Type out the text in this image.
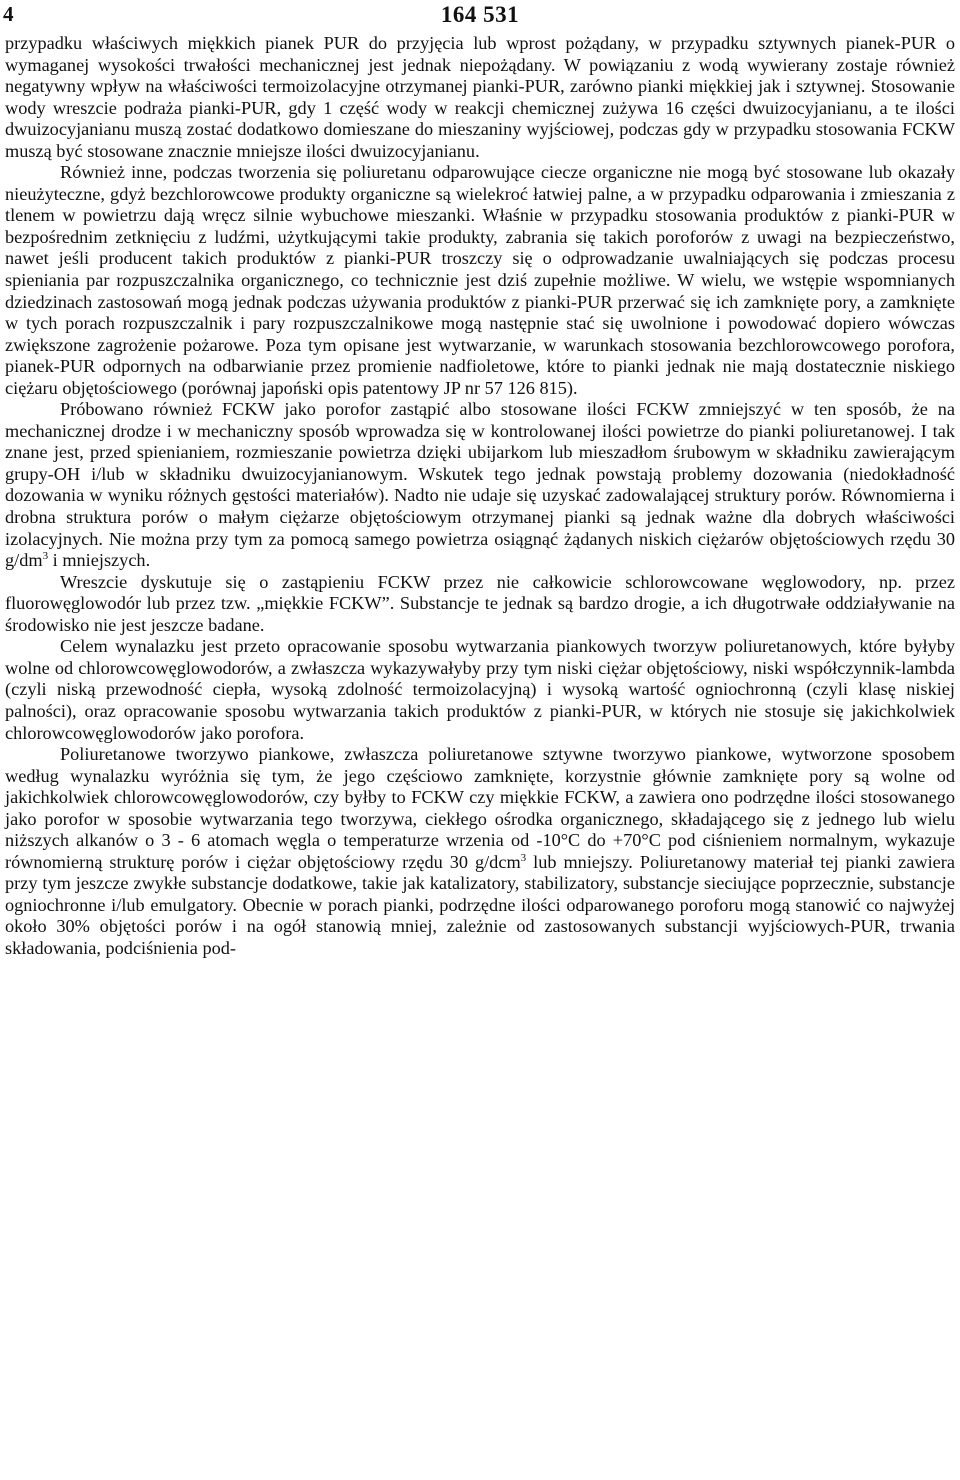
4	164 531

przypadku właściwych miękkich pianek PUR do przyjęcia lub wprost pożądany, w przypadku sztywnych pianek-PUR o wymaganej wysokości trwałości mechanicznej jest jednak niepożądany. W powiązaniu z wodą wywierany zostaje również negatywny wpływ na właściwości termoizolacyjne otrzymanej pianki-PUR, zarówno pianki miękkiej jak i sztywnej. Stosowanie wody wreszcie podraża pianki-PUR, gdy 1 część wody w reakcji chemicznej zużywa 16 części dwuizocyjanianu, a te ilości dwuizocyjanianu muszą zostać dodatkowo domieszane do mieszaniny wyjściowej, podczas gdy w przypadku stosowania FCKW muszą być stosowane znacznie mniejsze ilości dwuizocyjanianu.

Również inne, podczas tworzenia się poliuretanu odparowujące ciecze organiczne nie mogą być stosowane lub okazały nieużyteczne, gdyż bezchlorowcowe produkty organiczne są wielekroć łatwiej palne, a w przypadku odparowania i zmieszania z tlenem w powietrzu dają wręcz silnie wybuchowe mieszanki. Właśnie w przypadku stosowania produktów z pianki-PUR w bezpośrednim zetknięciu z ludźmi, użytkującymi takie produkty, zabrania się takich poroforów z uwagi na bezpieczeństwo, nawet jeśli producent takich produktów z pianki-PUR troszczy się o odprowadzanie uwalniających się podczas procesu spieniania par rozpuszczalnika organicznego, co technicznie jest dziś zupełnie możliwe. W wielu, we wstępie wspomnianych dziedzinach zastosowań mogą jednak podczas używania produktów z pianki-PUR przerwać się ich zamknięte pory, a zamknięte w tych porach rozpuszczalnik i pary rozpuszczalnikowe mogą następnie stać się uwolnione i powodować dopiero wówczas zwiększone zagrożenie pożarowe. Poza tym opisane jest wytwarzanie, w warunkach stosowania bezchlorowcowego porofora, pianek-PUR odpornych na odbarwianie przez promienie nadfioletowe, które to pianki jednak nie mają dostatecznie niskiego ciężaru objętościowego (porównaj japoński opis patentowy JP nr 57 126 815).

Próbowano również FCKW jako porofor zastąpić albo stosowane ilości FCKW zmniejszyć w ten sposób, że na mechanicznej drodze i w mechaniczny sposób wprowadza się w kontrolowanej ilości powietrze do pianki poliuretanowej. I tak znane jest, przed spienianiem, rozmieszanie powietrza dzięki ubijarkom lub mieszadłom śrubowym w składniku zawierającym grupy-OH i/lub w składniku dwuizocyjanianowym. Wskutek tego jednak powstają problemy dozowania (niedokładność dozowania w wyniku różnych gęstości materiałów). Nadto nie udaje się uzyskać zadowalającej struktury porów. Równomierna i drobna struktura porów o małym ciężarze objętościowym otrzymanej pianki są jednak ważne dla dobrych właściwości izolacyjnych. Nie można przy tym za pomocą samego powietrza osiągnąć żądanych niskich ciężarów objętościowych rzędu 30 $g/dm^3$ i mniejszych.

Wreszcie dyskutuje się o zastąpieniu FCKW przez nie całkowicie schlorowcowane węglowodory, np. przez fluorowęglowodór lub przez tzw. „miękkie FCKW”. Substancje te jednak są bardzo drogie, a ich długotrwałe oddziaływanie na środowisko nie jest jeszcze badane.

Celem wynalazku jest przeto opracowanie sposobu wytwarzania piankowych tworzyw poliuretanowych, które byłyby wolne od chlorowcowęglowodorów, a zwłaszcza wykazywałyby przy tym niski ciężar objętościowy, niski współczynnik-lambda (czyli niską przewodność ciepła, wysoką zdolność termoizolacyjną) i wysoką wartość ogniochronną (czyli klasę niskiej palności), oraz opracowanie sposobu wytwarzania takich produktów z pianki-PUR, w których nie stosuje się jakichkolwiek chlorowcowęglowodorów jako porofora.

Poliuretanowe tworzywo piankowe, zwłaszcza poliuretanowe sztywne tworzywo piankowe, wytworzone sposobem według wynalazku wyróżnia się tym, że jego częściowo zamknięte, korzystnie głównie zamknięte pory są wolne od jakichkolwiek chlorowcowęglowodorów, czy byłby to FCKW czy miękkie FCKW, a zawiera ono podrzędne ilości stosowanego jako porofor w sposobie wytwarzania tego tworzywa, ciekłego ośrodka organicznego, składającego się z jednego lub wielu niższych alkanów o 3 - 6 atomach węgla o temperaturze wrzenia od -10°C do +70°C pod ciśnieniem normalnym, wykazuje równomierną strukturę porów i ciężar objętościowy rzędu 30 g/dcm$^3$ lub mniejszy. Poliuretanowy materiał tej pianki zawiera przy tym jeszcze zwykłe substancje dodatkowe, takie jak katalizatory, stabilizatory, substancje sieciujące poprzecznie, substancje ogniochronne i/lub emulgatory. Obecnie w porach pianki, podrzędne ilości odparowanego poroforu mogą stanowić co najwyżej około 30% objętości porów i na ogół stanowią mniej, zależnie od zastosowanych substancji wyjściowych-PUR, trwania składowania, podciśnienia pod-
